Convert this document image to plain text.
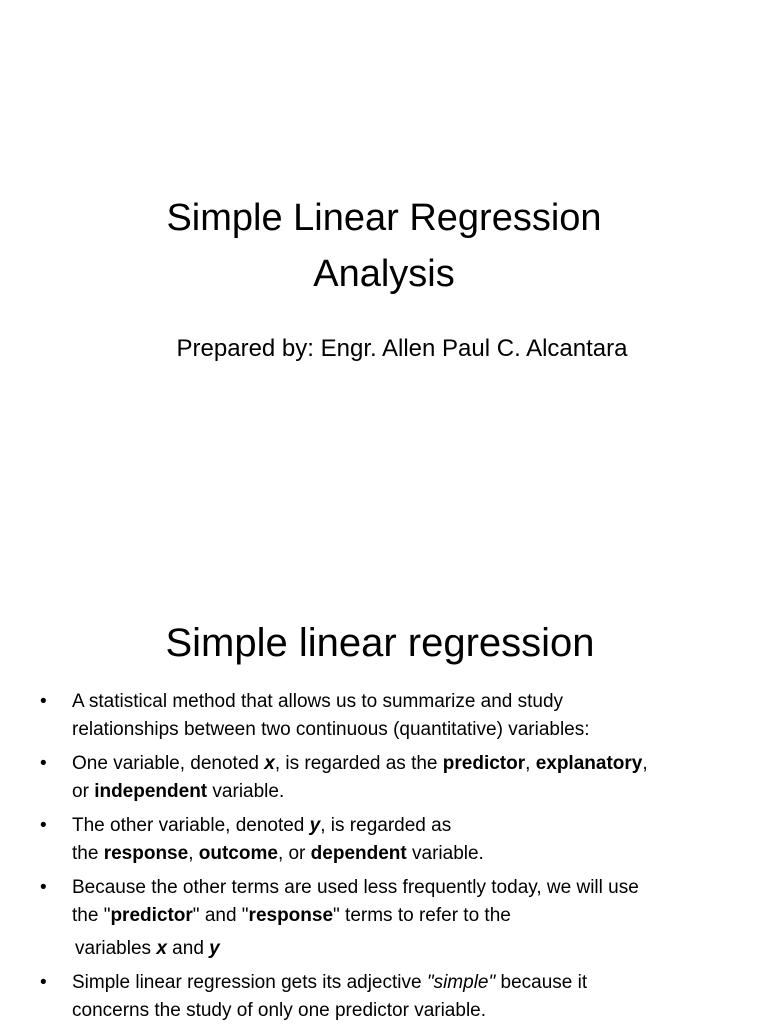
Simple Linear Regression
Analysis

Prepared by: Engr. Allen Paul C. Alcantara

Simple linear regression
•	A statistical method that allows us to summarize and study
relationships between two continuous (quantitative) variables:
•	One variable, denoted x, is regarded as the predictor, explanatory,
or independent variable.
•	The other variable, denoted y, is regarded as
the response, outcome, or dependent variable.
•	Because the other terms are used less frequently today, we will use
the "predictor" and "response" terms to refer to the
variables x and y
•	Simple linear regression gets its adjective "simple" because it
concerns the study of only one predictor variable.
